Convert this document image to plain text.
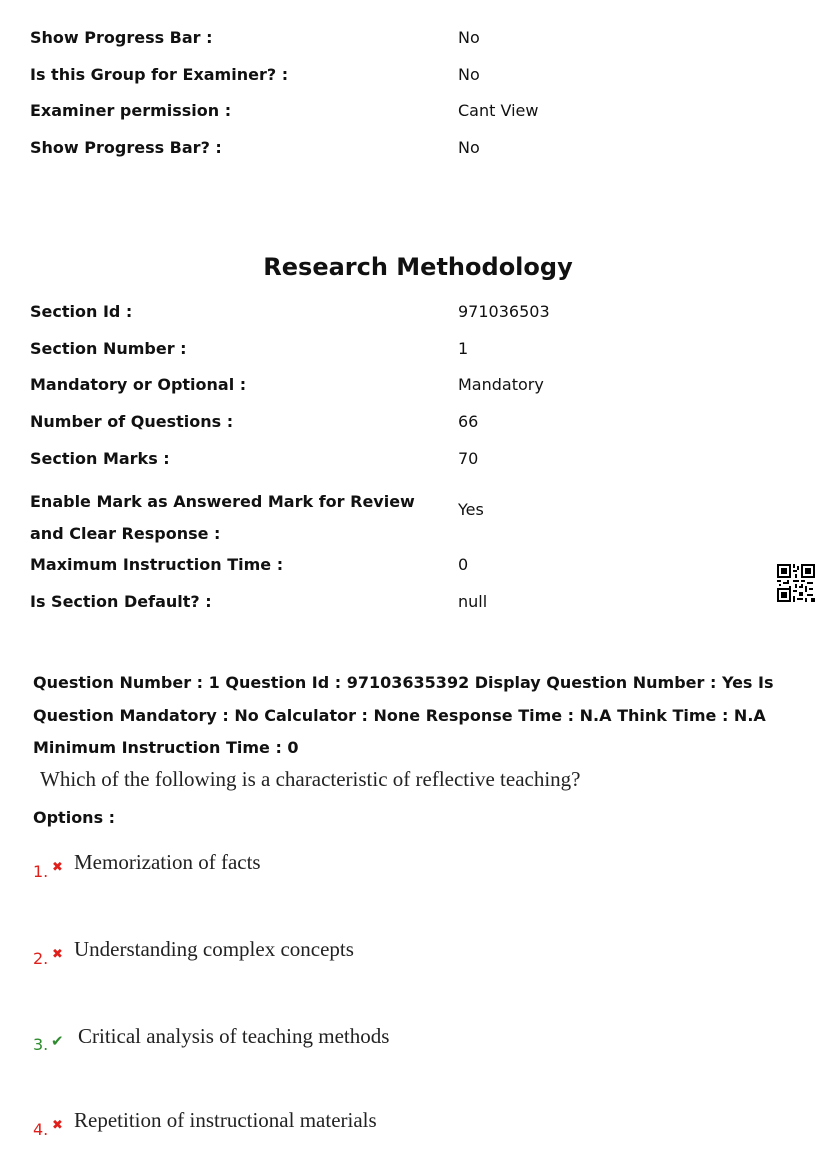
Show Progress Bar :	No
Is this Group for Examiner? :	No
Examiner permission :	Cant View
Show Progress Bar? :	No
Research Methodology
Section Id :	971036503
Section Number :	1
Mandatory or Optional :	Mandatory
Number of Questions :	66
Section Marks :	70
Enable Mark as Answered Mark for Review and Clear Response :
Yes
Maximum Instruction Time :	0
Is Section Default? :	null
Question Number : 1 Question Id : 97103635392 Display Question Number : Yes Is Question Mandatory : No Calculator : None Response Time : N.A Think Time : N.A Minimum Instruction Time : 0
Which of the following is a characteristic of reflective teaching?
Options :
1. ✖ Memorization of facts
2. ✖ Understanding complex concepts
3. ✔ Critical analysis of teaching methods
4. ✖ Repetition of instructional materials
